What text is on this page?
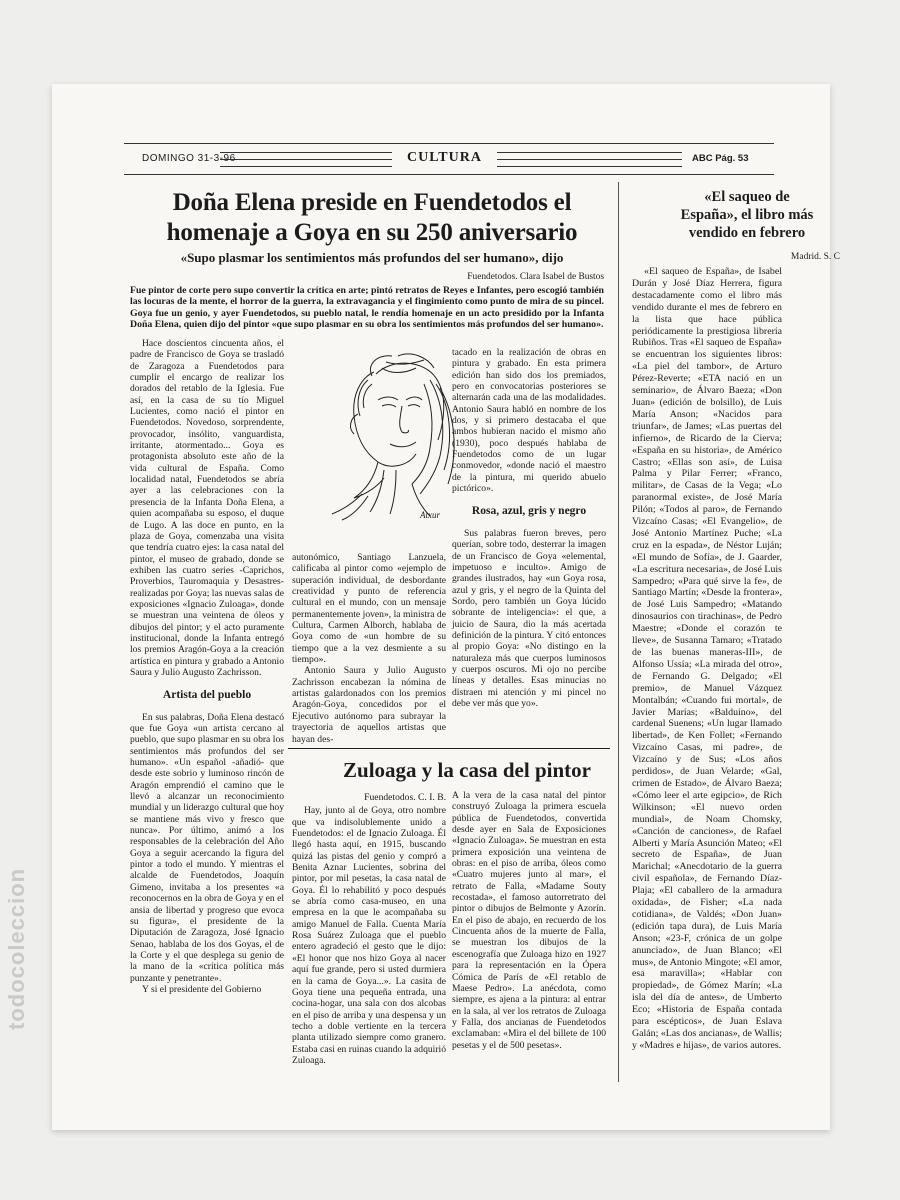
DOMINGO 31-3-96	CULTURA	ABC Pág. 53
Doña Elena preside en Fuendetodos el
homenaje a Goya en su 250 aniversario
«Supo plasmar los sentimientos más profundos del ser humano», dijo
Fuendetodos. Clara Isabel de Bustos
Fue pintor de corte pero supo convertir la crítica en arte; pintó retratos de Reyes e Infantes, pero escogió también las locuras de la mente, el horror de la guerra, la extravagancia y el fingimiento como punto de mira de su pincel. Goya fue un genio, y ayer Fuendetodos, su pueblo natal, le rendía homenaje en un acto presidido por la Infanta Doña Elena, quien dijo del pintor «que supo plasmar en su obra los sentimientos más profundos del ser humano».

Hace doscientos cincuenta años, el padre de Francisco de Goya se trasladó de Zaragoza a Fuendetodos para cumplir el encargo de realizar los dorados del retablo de la Iglesia. Fue así, en la casa de su tío Miguel Lucientes, como nació el pintor en Fuendetodos. Novedoso, sorprendente, provocador, insólito, vanguardista, irritante, atormentado... Goya es protagonista absoluto este año de la vida cultural de España. Como localidad natal, Fuendetodos se abría ayer a las celebraciones con la presencia de la Infanta Doña Elena, a quien acompañaba su esposo, el duque de Lugo. A las doce en punto, en la plaza de Goya, comenzaba una visita que tendría cuatro ejes: la casa natal del pintor, el museo de grabado, donde se exhiben las cuatro series -Caprichos, Proverbios, Tauromaquia y Desastres- realizadas por Goya; las nuevas salas de exposiciones «Ignacio Zuloaga», donde se muestran una veintena de óleos y dibujos del pintor; y el acto puramente institucional, donde la Infanta entregó los premios Aragón-Goya a la creación artística en pintura y grabado a Antonio Saura y Julio Augusto Zachrisson.

Artista del pueblo

En sus palabras, Doña Elena destacó que fue Goya «un artista cercano al pueblo, que supo plasmar en su obra los sentimientos más profundos del ser humano». «Un español -añadió- que desde este sobrio y luminoso rincón de Aragón emprendió el camino que le llevó a alcanzar un reconocimiento mundial y un liderazgo cultural que hoy se mantiene más vivo y fresco que nunca». Por último, animó a los responsables de la celebración del Año Goya a seguir acercando la figura del pintor a todo el mundo. Y mientras el alcalde de Fuendetodos, Joaquín Gimeno, invitaba a los presentes «a reconocernos en la obra de Goya y en el ansia de libertad y progreso que evoca su figura», el presidente de la Diputación de Zaragoza, José Ignacio Senao, hablaba de los dos Goyas, el de la Corte y el que desplega su genio de la mano de la «crítica política más punzante y penetrante».

Y si el presidente del Gobierno

Atxur

autonómico, Santiago Lanzuela, calificaba al pintor como «ejemplo de superación individual, de desbordante creatividad y punto de referencia cultural en el mundo, con un mensaje permanentemente joven», la ministra de Cultura, Carmen Alborch, hablaba de Goya como de «un hombre de su tiempo que a la vez desmiente a su tiempo».

Antonio Saura y Julio Augusto Zachrisson encabezan la nómina de artistas galardonados con los premios Aragón-Goya, concedidos por el Ejecutivo autónomo para subrayar la trayectoria de aquellos artistas que hayan des-

tacado en la realización de obras en pintura y grabado. En esta primera edición han sido dos los premiados, pero en convocatorias posteriores se alternarán cada una de las modalidades. Antonio Saura habló en nombre de los dos, y si primero destacaba el que ambos hubieran nacido el mismo año (1930), poco después hablaba de Fuendetodos como de un lugar conmovedor, «donde nació el maestro de la pintura, mi querido abuelo pictórico».

Rosa, azul, gris y negro

Sus palabras fueron breves, pero querían, sobre todo, desterrar la imagen de un Francisco de Goya «elemental, impetuoso e inculto». Amigo de grandes ilustrados, hay «un Goya rosa, azul y gris, y el negro de la Quinta del Sordo, pero también un Goya lúcido sobrante de inteligencia»: el que, a juicio de Saura, dio la más acertada definición de la pintura. Y citó entonces al propio Goya: «No distingo en la naturaleza más que cuerpos luminosos y cuerpos oscuros. Mi ojo no percibe líneas y detalles. Esas minucias no distraen mi atención y mi pincel no debe ver más que yo».

Zuloaga y la casa del pintor

Fuendetodos. C. I. B.

Hay, junto al de Goya, otro nombre que va indisolublemente unido a Fuendetodos: el de Ignacio Zuloaga. Él llegó hasta aquí, en 1915, buscando quizá las pistas del genio y compró a Benita Aznar Lucientes, sobrina del pintor, por mil pesetas, la casa natal de Goya. Él lo rehabilitó y poco después se abría como casa-museo, en una empresa en la que le acompañaba su amigo Manuel de Falla. Cuenta María Rosa Suárez Zuloaga que el pueblo entero agradeció el gesto que le dijo: «El honor que nos hizo Goya al nacer aquí fue grande, pero si usted durmiera en la cama de Goya...». La casita de Goya tiene una pequeña entrada, una cocina-hogar, una sala con dos alcobas en el piso de arriba y una despensa y un techo a doble vertiente en la tercera planta utilizado siempre como granero. Estaba casi en ruinas cuando la adquirió Zuloaga.

A la vera de la casa natal del pintor construyó Zuloaga la primera escuela pública de Fuendetodos, convertida desde ayer en Sala de Exposiciones «Ignacio Zuloaga». Se muestran en esta primera exposición una veintena de obras: en el piso de arriba, óleos como «Cuatro mujeres junto al mar», el retrato de Falla, «Madame Souty recostada», el famoso autorretrato del pintor o dibujos de Belmonte y Azorín. En el piso de abajo, en recuerdo de los Cincuenta años de la muerte de Falla, se muestran los dibujos de la escenografía que Zuloaga hizo en 1927 para la representación en la Ópera Cómica de París de «El retablo de Maese Pedro». La anécdota, como siempre, es ajena a la pintura: al entrar en la sala, al ver los retratos de Zuloaga y Falla, dos ancianas de Fuendetodos exclamaban: «Mira el del billete de 100 pesetas y el de 500 pesetas».

«El saqueo de
España», el libro más
vendido en febrero
Madrid. S. C

«El saqueo de España», de Isabel Durán y José Díaz Herrera, figura destacadamente como el libro más vendido durante el mes de febrero en la lista que hace pública periódicamente la prestigiosa librería Rubiños. Tras «El saqueo de España» se encuentran los siguientes libros: «La piel del tambor», de Arturo Pérez-Reverte; «ETA nació en un seminario», de Álvaro Baeza; «Don Juan» (edición de bolsillo), de Luis María Anson; «Nacidos para triunfar», de James; «Las puertas del infierno», de Ricardo de la Cierva; «España en su historia», de Américo Castro; «Ellas son así», de Luisa Palma y Pilar Ferrer; «Franco, militar», de Casas de la Vega; «Lo paranormal existe», de José María Pilón; «Todos al paro», de Fernando Vizcaíno Casas; «El Evangelio», de José Antonio Martínez Puche; «La cruz en la espada», de Néstor Luján; «El mundo de Sofía», de J. Gaarder, «La escritura necesaria», de José Luis Sampedro; «Para qué sirve la fe», de Santiago Martín; «Desde la frontera», de José Luis Sampedro; «Matando dinosaurios con tirachinas», de Pedro Maestre; «Donde el corazón te lleve», de Susanna Tamaro; «Tratado de las buenas maneras-III», de Alfonso Ussía; «La mirada del otro», de Fernando G. Delgado; «El premio», de Manuel Vázquez Montalbán; «Cuando fui mortal», de Javier Marías; «Balduino», del cardenal Suenens; «Un lugar llamado libertad», de Ken Follet; «Fernando Vizcaíno Casas, mi padre», de Vizcaíno y de Sus; «Los años perdidos», de Juan Velarde; «Gal, crimen de Estado», de Álvaro Baeza; «Cómo leer el arte egipcio», de Rich Wilkinson; «El nuevo orden mundial», de Noam Chomsky, «Canción de canciones», de Rafael Alberti y María Asunción Mateo; «El secreto de España», de Juan Marichal; «Anecdotario de la guerra civil española», de Fernando Díaz-Plaja; «El caballero de la armadura oxidada», de Fisher; «La nada cotidiana», de Valdés; «Don Juan» (edición tapa dura), de Luis María Anson; «23-F, crónica de un golpe anunciado», de Juan Blanco; «El mus», de Antonio Mingote; «El amor, esa maravilla»; «Hablar con propiedad», de Gómez Marín; «La isla del día de antes», de Umberto Eco; «Historia de España contada para escépticos», de Juan Eslava Galán; «Las dos ancianas», de Wallis; y «Madres e hijas», de varios autores.

todocoleccion
